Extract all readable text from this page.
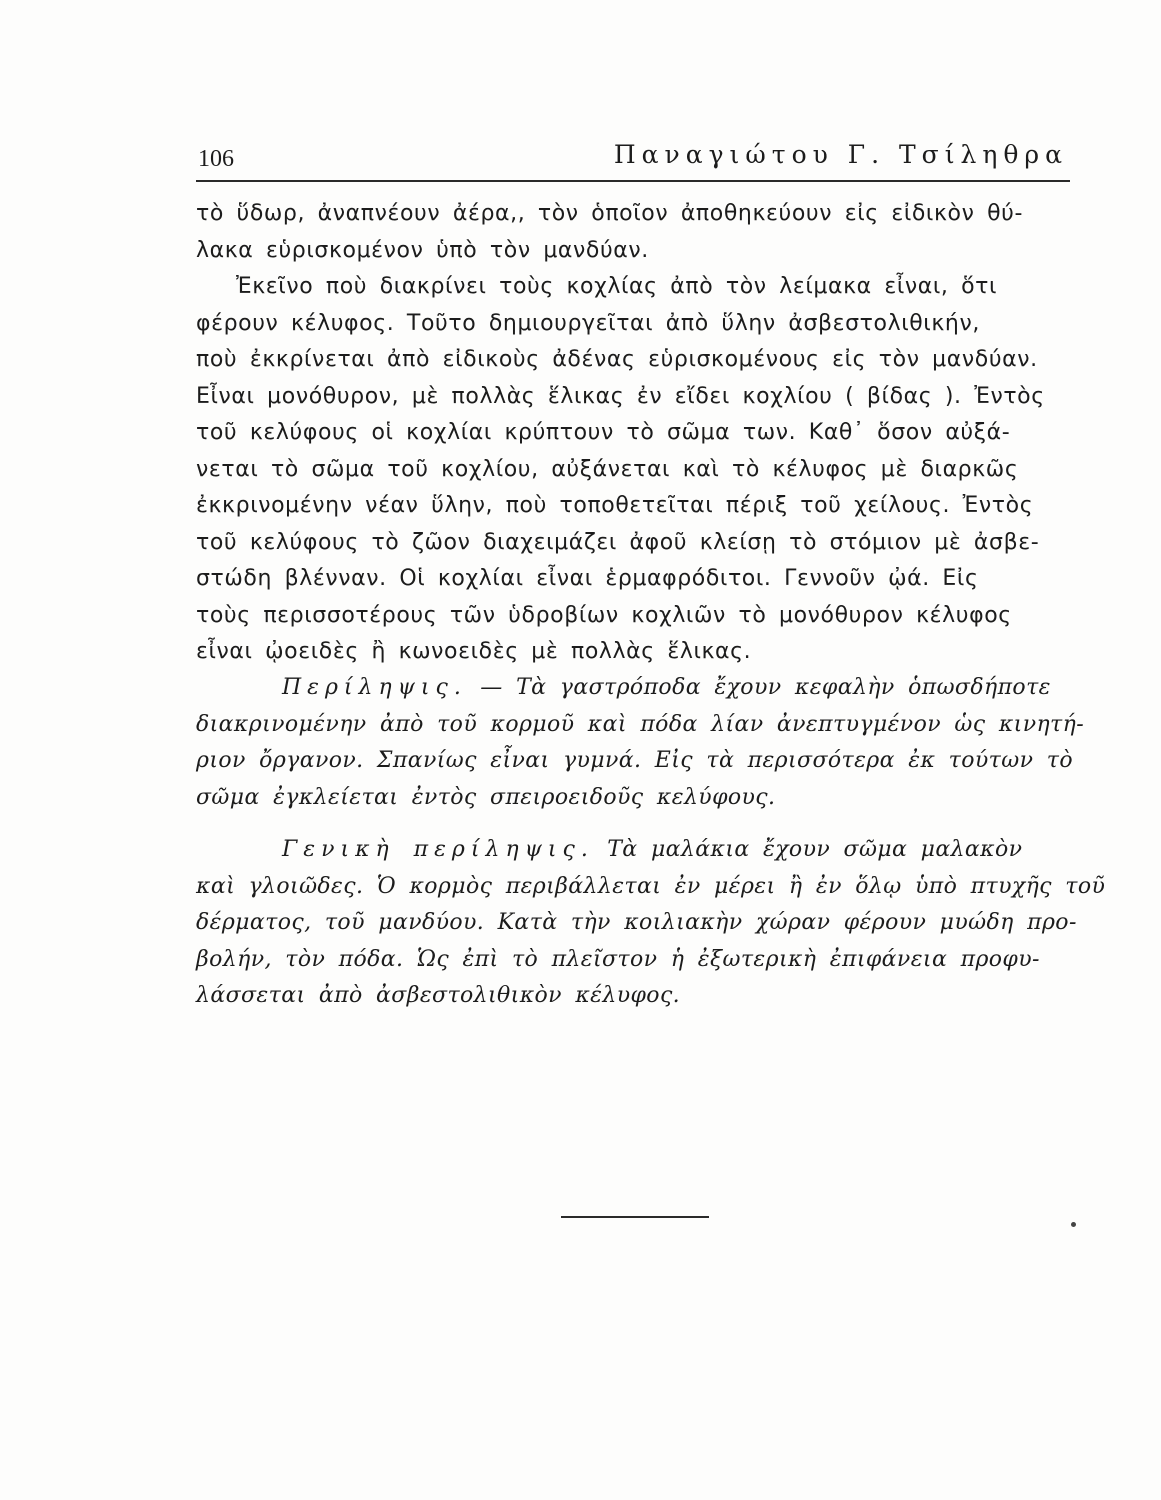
106	Παναγιώτου Γ. Τσίληθρα
τὸ ὕδωρ, ἀναπνέουν ἀέρα,, τὸν ὁποῖον ἀποθηκεύουν εἰς εἰδικὸν θύ-
λακα εὑρισκομένον ὑπὸ τὸν μανδύαν.
Ἐκεῖνο ποὺ διακρίνει τοὺς κοχλίας ἀπὸ τὸν λείμακα εἶναι, ὅτι
φέρουν κέλυφος. Τοῦτο δημιουργεῖται ἀπὸ ὕλην ἀσβεστολιθικήν,
ποὺ ἐκκρίνεται ἀπὸ εἰδικοὺς ἀδένας εὑρισκομένους εἰς τὸν μανδύαν.
Εἶναι μονόθυρον, μὲ πολλὰς ἕλικας ἐν εἴδει κοχλίου ( βίδας ). Ἐντὸς
τοῦ κελύφους οἱ κοχλίαι κρύπτουν τὸ σῶμα των. Καθ᾽ ὅσον αὐξά-
νεται τὸ σῶμα τοῦ κοχλίου, αὐξάνεται καὶ τὸ κέλυφος μὲ διαρκῶς
ἐκκρινομένην νέαν ὕλην, ποὺ τοποθετεῖται πέριξ τοῦ χείλους. Ἐντὸς
τοῦ κελύφους τὸ ζῶον διαχειμάζει ἀφοῦ κλείσῃ τὸ στόμιον μὲ ἀσβε-
στώδη βλένναν. Οἱ κοχλίαι εἶναι ἑρμαφρόδιτοι. Γεννοῦν ᾠά. Εἰς
τοὺς περισσοτέρους τῶν ὑδροβίων κοχλιῶν τὸ μονόθυρον κέλυφος
εἶναι ᾠοειδὲς ἢ κωνοειδὲς μὲ πολλὰς ἕλικας.
Περίληψις. — Τὰ γαστρόποδα ἔχουν κεφαλὴν ὁπωσδήποτε
διακρινομένην ἀπὸ τοῦ κορμοῦ καὶ πόδα λίαν ἀνεπτυγμένον ὡς κινητή-
ριον ὄργανον. Σπανίως εἶναι γυμνά. Εἰς τὰ περισσότερα ἐκ τούτων τὸ
σῶμα ἐγκλείεται ἐντὸς σπειροειδοῦς κελύφους.
Γενικὴ περίληψις. Τὰ μαλάκια ἔχουν σῶμα μαλακὸν
καὶ γλοιῶδες. Ὁ κορμὸς περιβάλλεται ἐν μέρει ἢ ἐν ὅλῳ ὑπὸ πτυχῆς τοῦ
δέρματος, τοῦ μανδύου. Κατὰ τὴν κοιλιακὴν χώραν φέρουν μυώδη προ-
βολήν, τὸν πόδα. Ὡς ἐπὶ τὸ πλεῖστον ἡ ἐξωτερικὴ ἐπιφάνεια προφυ-
λάσσεται ἀπὸ ἀσβεστολιθικὸν κέλυφος.
